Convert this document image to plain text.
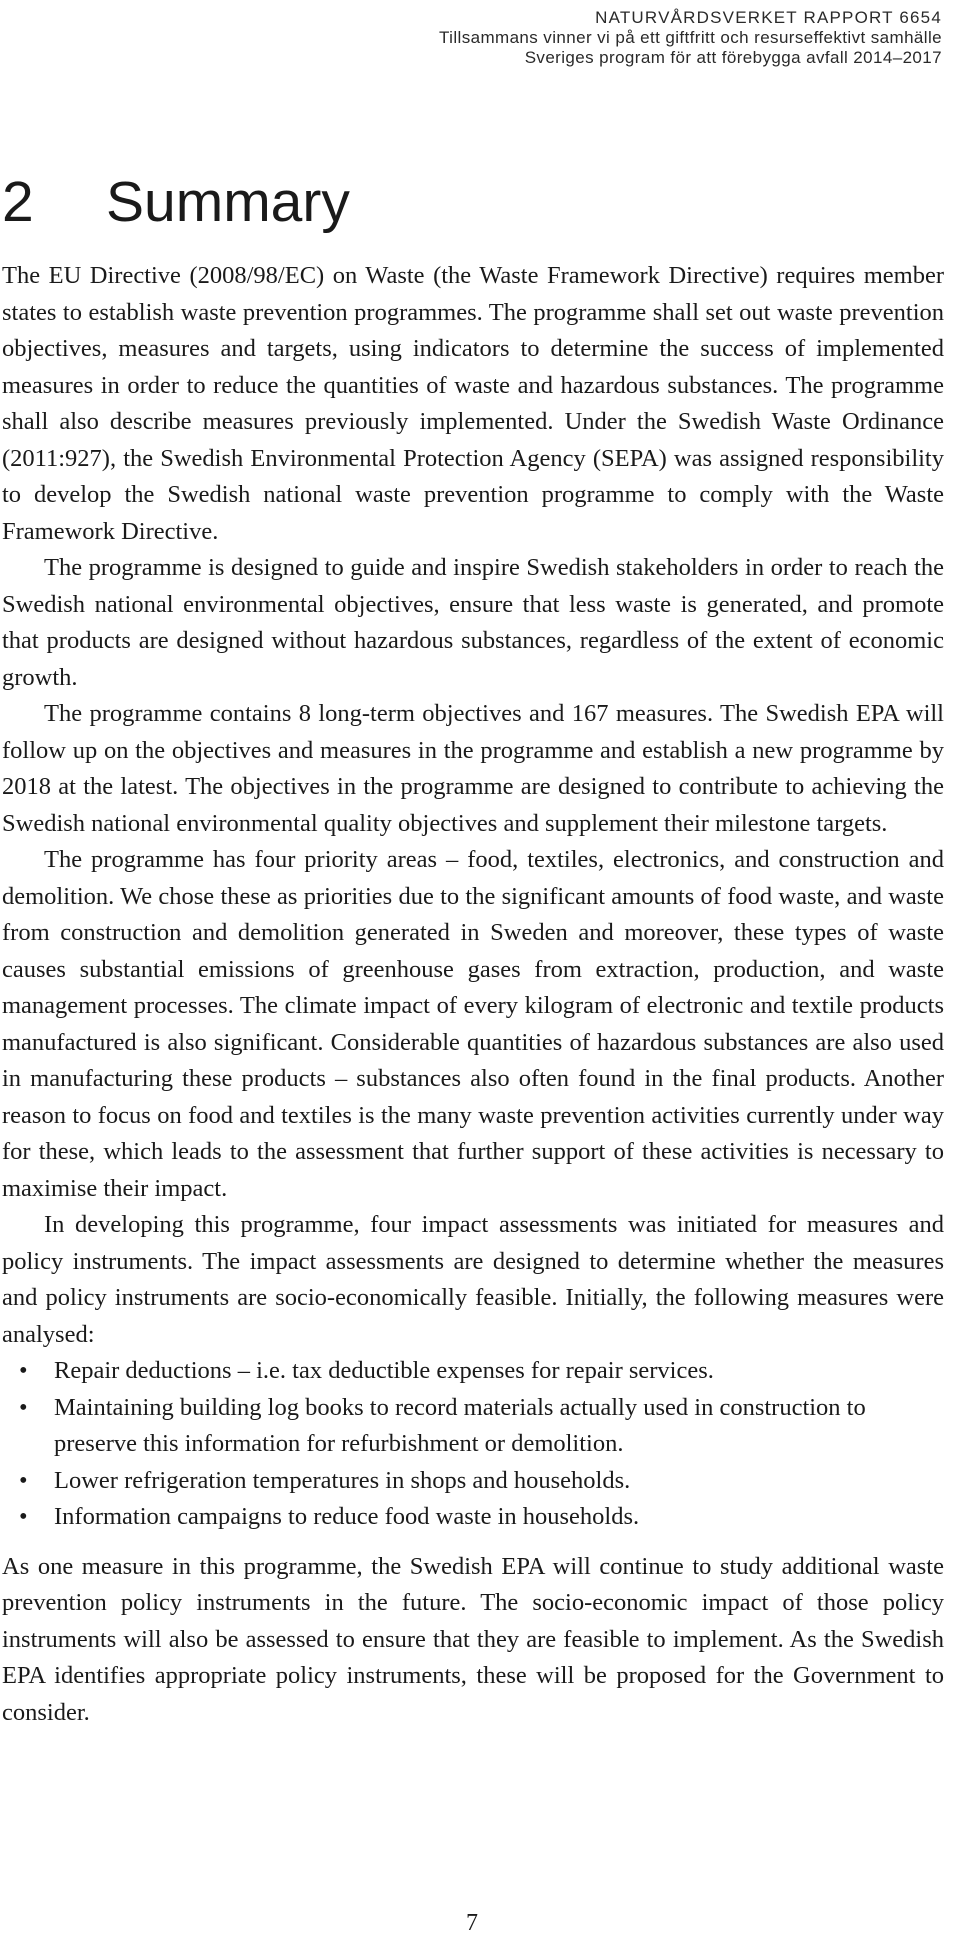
NATURVÅRDSVERKET RAPPORT 6654
Tillsammans vinner vi på ett giftfritt och resurseffektivt samhälle
Sveriges program för att förebygga avfall 2014–2017
2 Summary

The EU Directive (2008/98/EC) on Waste (the Waste Framework Directive) requires member states to establish waste prevention programmes. The programme shall set out waste prevention objectives, measures and targets, using indicators to determine the success of implemented measures in order to reduce the quantities of waste and hazardous substances. The programme shall also describe measures previously implemented. Under the Swedish Waste Ordinance (2011:927), the Swedish Environmental Protection Agency (SEPA) was assigned responsibility to develop the Swedish national waste prevention programme to comply with the Waste Framework Directive.

The programme is designed to guide and inspire Swedish stakeholders in order to reach the Swedish national environmental objectives, ensure that less waste is generated, and promote that products are designed without hazardous substances, regardless of the extent of economic growth.

The programme contains 8 long-term objectives and 167 measures. The Swedish EPA will follow up on the objectives and measures in the programme and establish a new programme by 2018 at the latest. The objectives in the programme are designed to contribute to achieving the Swedish national environmental quality objectives and supplement their milestone targets.

The programme has four priority areas – food, textiles, electronics, and construction and demolition. We chose these as priorities due to the significant amounts of food waste, and waste from construction and demolition generated in Sweden and moreover, these types of waste causes substantial emissions of greenhouse gases from extraction, production, and waste management processes. The climate impact of every kilogram of electronic and textile products manufactured is also significant. Considerable quantities of hazardous substances are also used in manufacturing these products – substances also often found in the final products. Another reason to focus on food and textiles is the many waste prevention activities currently under way for these, which leads to the assessment that further support of these activities is necessary to maximise their impact.

In developing this programme, four impact assessments was initiated for measures and policy instruments. The impact assessments are designed to determine whether the measures and policy instruments are socio-economically feasible. Initially, the following measures were analysed:

• Repair deductions – i.e. tax deductible expenses for repair services.
• Maintaining building log books to record materials actually used in construction to preserve this information for refurbishment or demolition.
• Lower refrigeration temperatures in shops and households.
• Information campaigns to reduce food waste in households.

As one measure in this programme, the Swedish EPA will continue to study additional waste prevention policy instruments in the future. The socio-economic impact of those policy instruments will also be assessed to ensure that they are feasible to implement. As the Swedish EPA identifies appropriate policy instruments, these will be proposed for the Government to consider.

7
